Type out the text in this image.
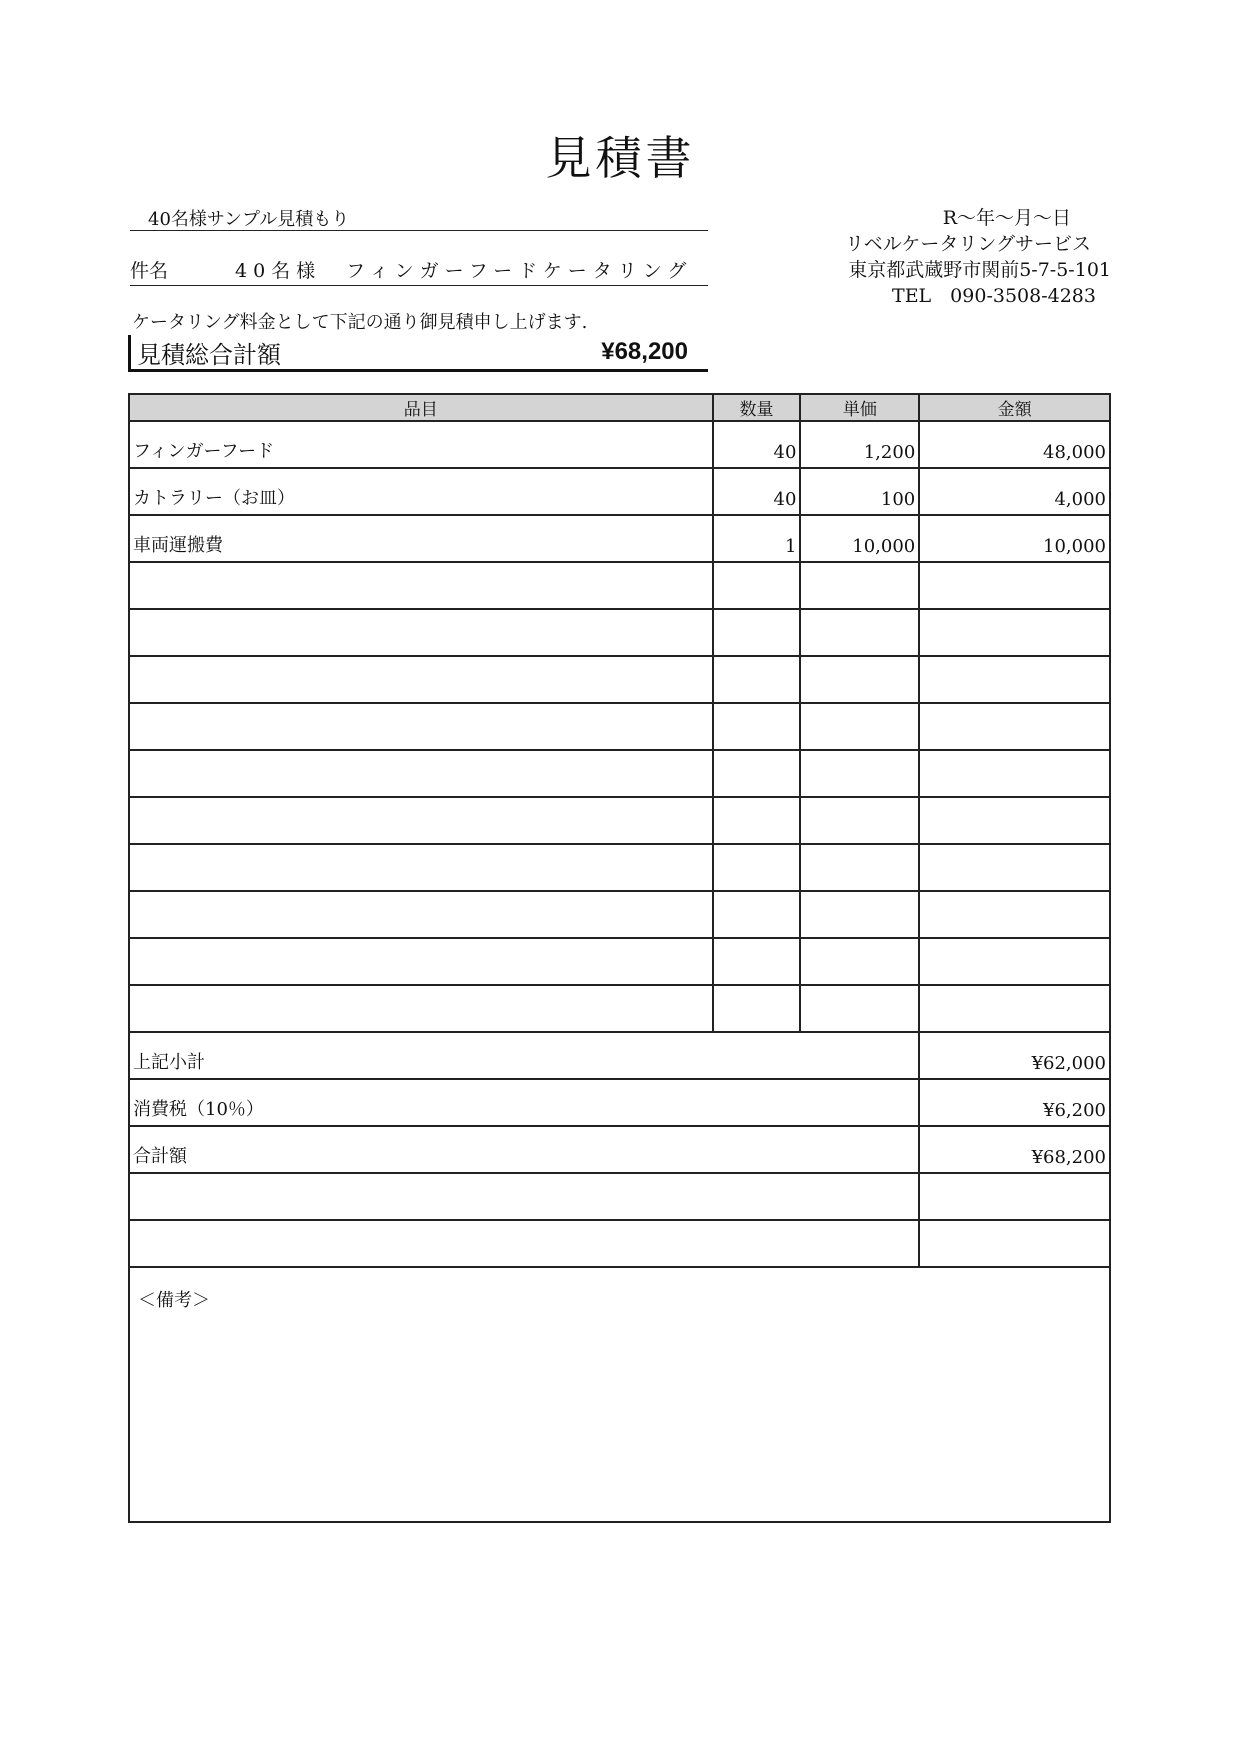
見積書
40名様サンプル見積もり
件名	40名様　フィンガーフードケータリング
ケータリング料金として下記の通り御見積申し上げます.
見積総合計額	¥68,200
R〜年〜月〜日
リベルケータリングサービス
東京都武蔵野市関前5-7-5-101
TEL　090-3508-4283
品目	数量	単価	金額
フィンガーフード	40	1,200	48,000
カトラリー（お皿）	40	100	4,000
車両運搬費	1	10,000	10,000

上記小計			¥62,000
消費税（10％）			¥6,200
合計額			¥68,200

＜備考＞			
